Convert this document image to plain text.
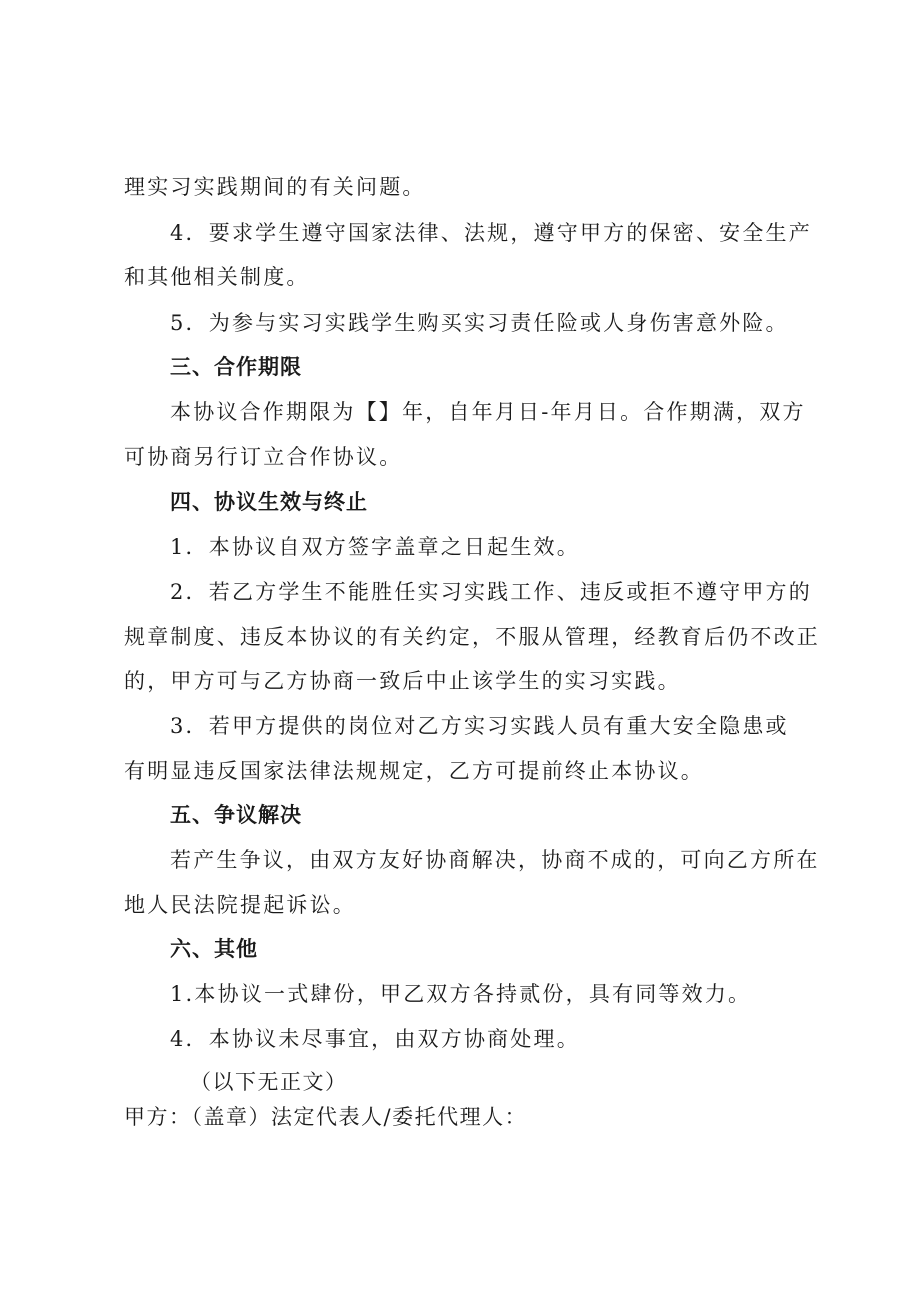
理实习实践期间的有关问题。
4．要求学生遵守国家法律、法规，遵守甲方的保密、安全生产
和其他相关制度。
5．为参与实习实践学生购买实习责任险或人身伤害意外险。
三、合作期限
本协议合作期限为【】年，自年月日-年月日。合作期满，双方
可协商另行订立合作协议。
四、协议生效与终止
1．本协议自双方签字盖章之日起生效。
2．若乙方学生不能胜任实习实践工作、违反或拒不遵守甲方的
规章制度、违反本协议的有关约定，不服从管理，经教育后仍不改正
的，甲方可与乙方协商一致后中止该学生的实习实践。
3．若甲方提供的岗位对乙方实习实践人员有重大安全隐患或
有明显违反国家法律法规规定，乙方可提前终止本协议。
五、争议解决
若产生争议，由双方友好协商解决，协商不成的，可向乙方所在
地人民法院提起诉讼。
六、其他
1.本协议一式肆份，甲乙双方各持贰份，具有同等效力。
4．本协议未尽事宜，由双方协商处理。
（以下无正文）
甲方：（盖章）法定代表人/委托代理人：
